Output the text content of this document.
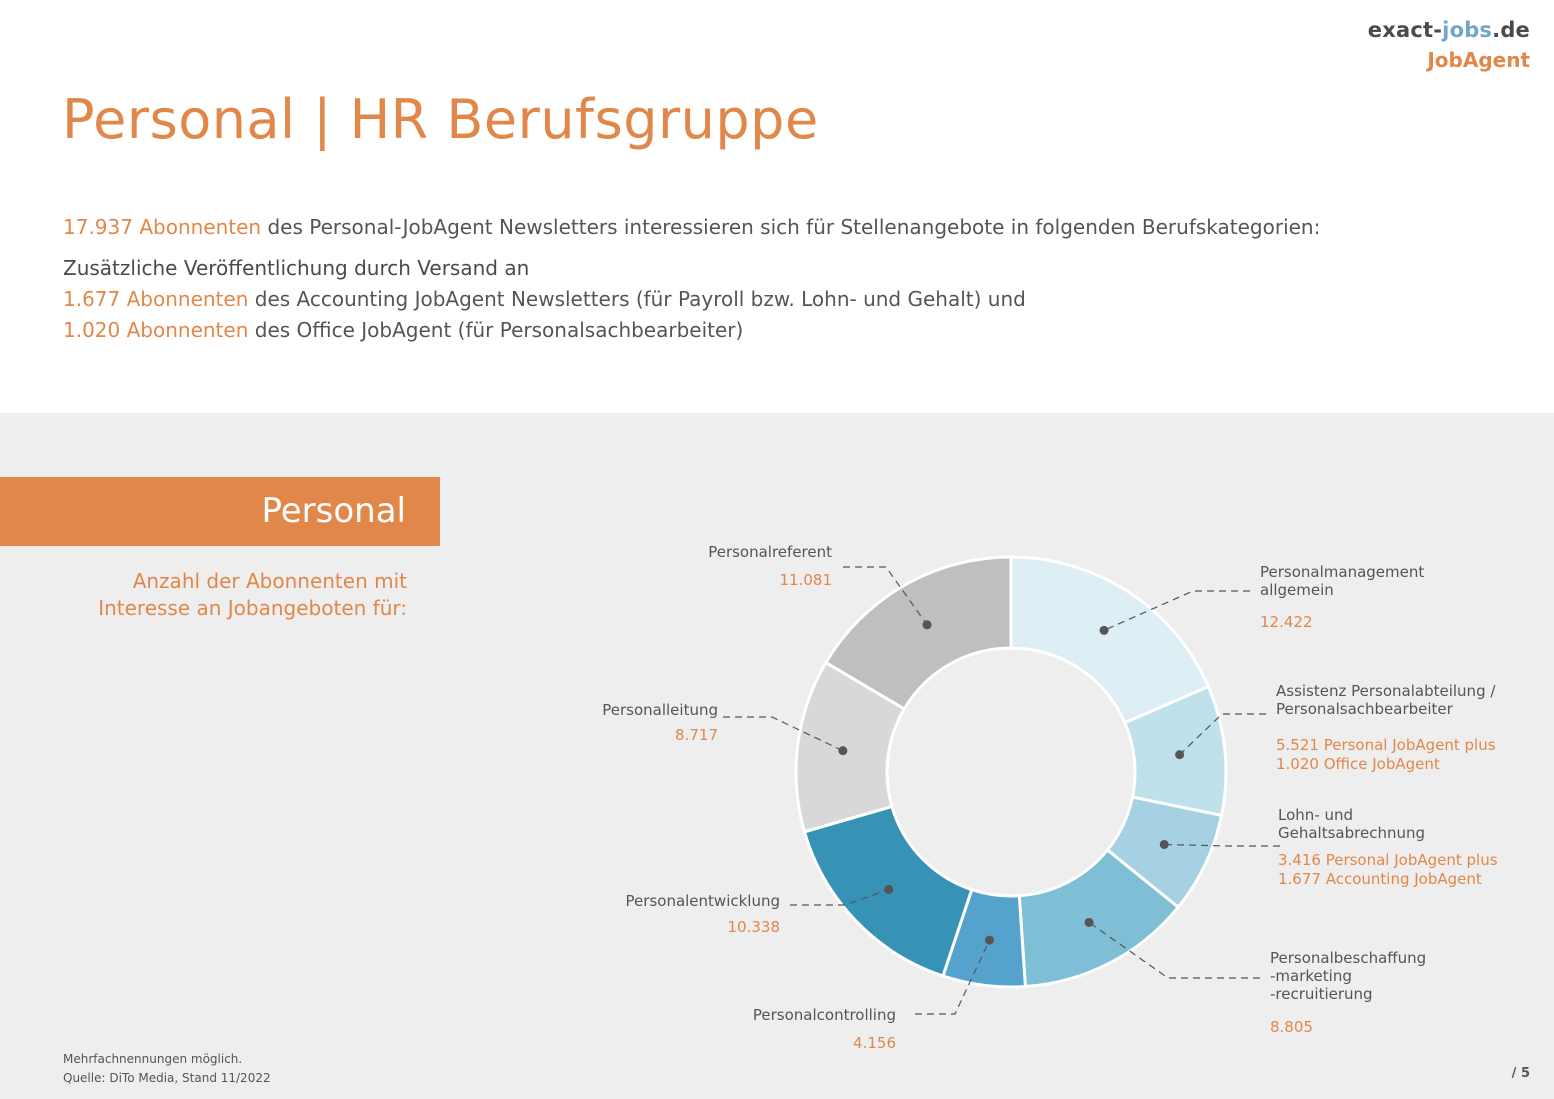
exact-jobs.de
JobAgent
Personal | HR Berufsgruppe
17.937 Abonnenten des Personal-JobAgent Newsletters interessieren sich für Stellenangebote in folgenden Berufskategorien:
Zusätzliche Veröffentlichung durch Versand an
1.677 Abonnenten des Accounting JobAgent Newsletters (für Payroll bzw. Lohn- und Gehalt) und
1.020 Abonnenten des Office JobAgent (für Personalsachbearbeiter)
Personal
Anzahl der Abonnenten mit
Interesse an Jobangeboten für:
Personalmanagement allgemein
12.422
Assistenz Personalabteilung / Personalsachbearbeiter
5.521 Personal JobAgent plus 1.020 Office JobAgent
Lohn- und Gehaltsabrechnung
3.416 Personal JobAgent plus 1.677 Accounting JobAgent
Personalbeschaffung -marketing -recruitierung
8.805
Personalcontrolling
4.156
Personalentwicklung
10.338
Personalleitung
8.717
Personalreferent
11.081
Mehrfachnennungen möglich.
Quelle: DiTo Media, Stand 11/2022	/ 5
